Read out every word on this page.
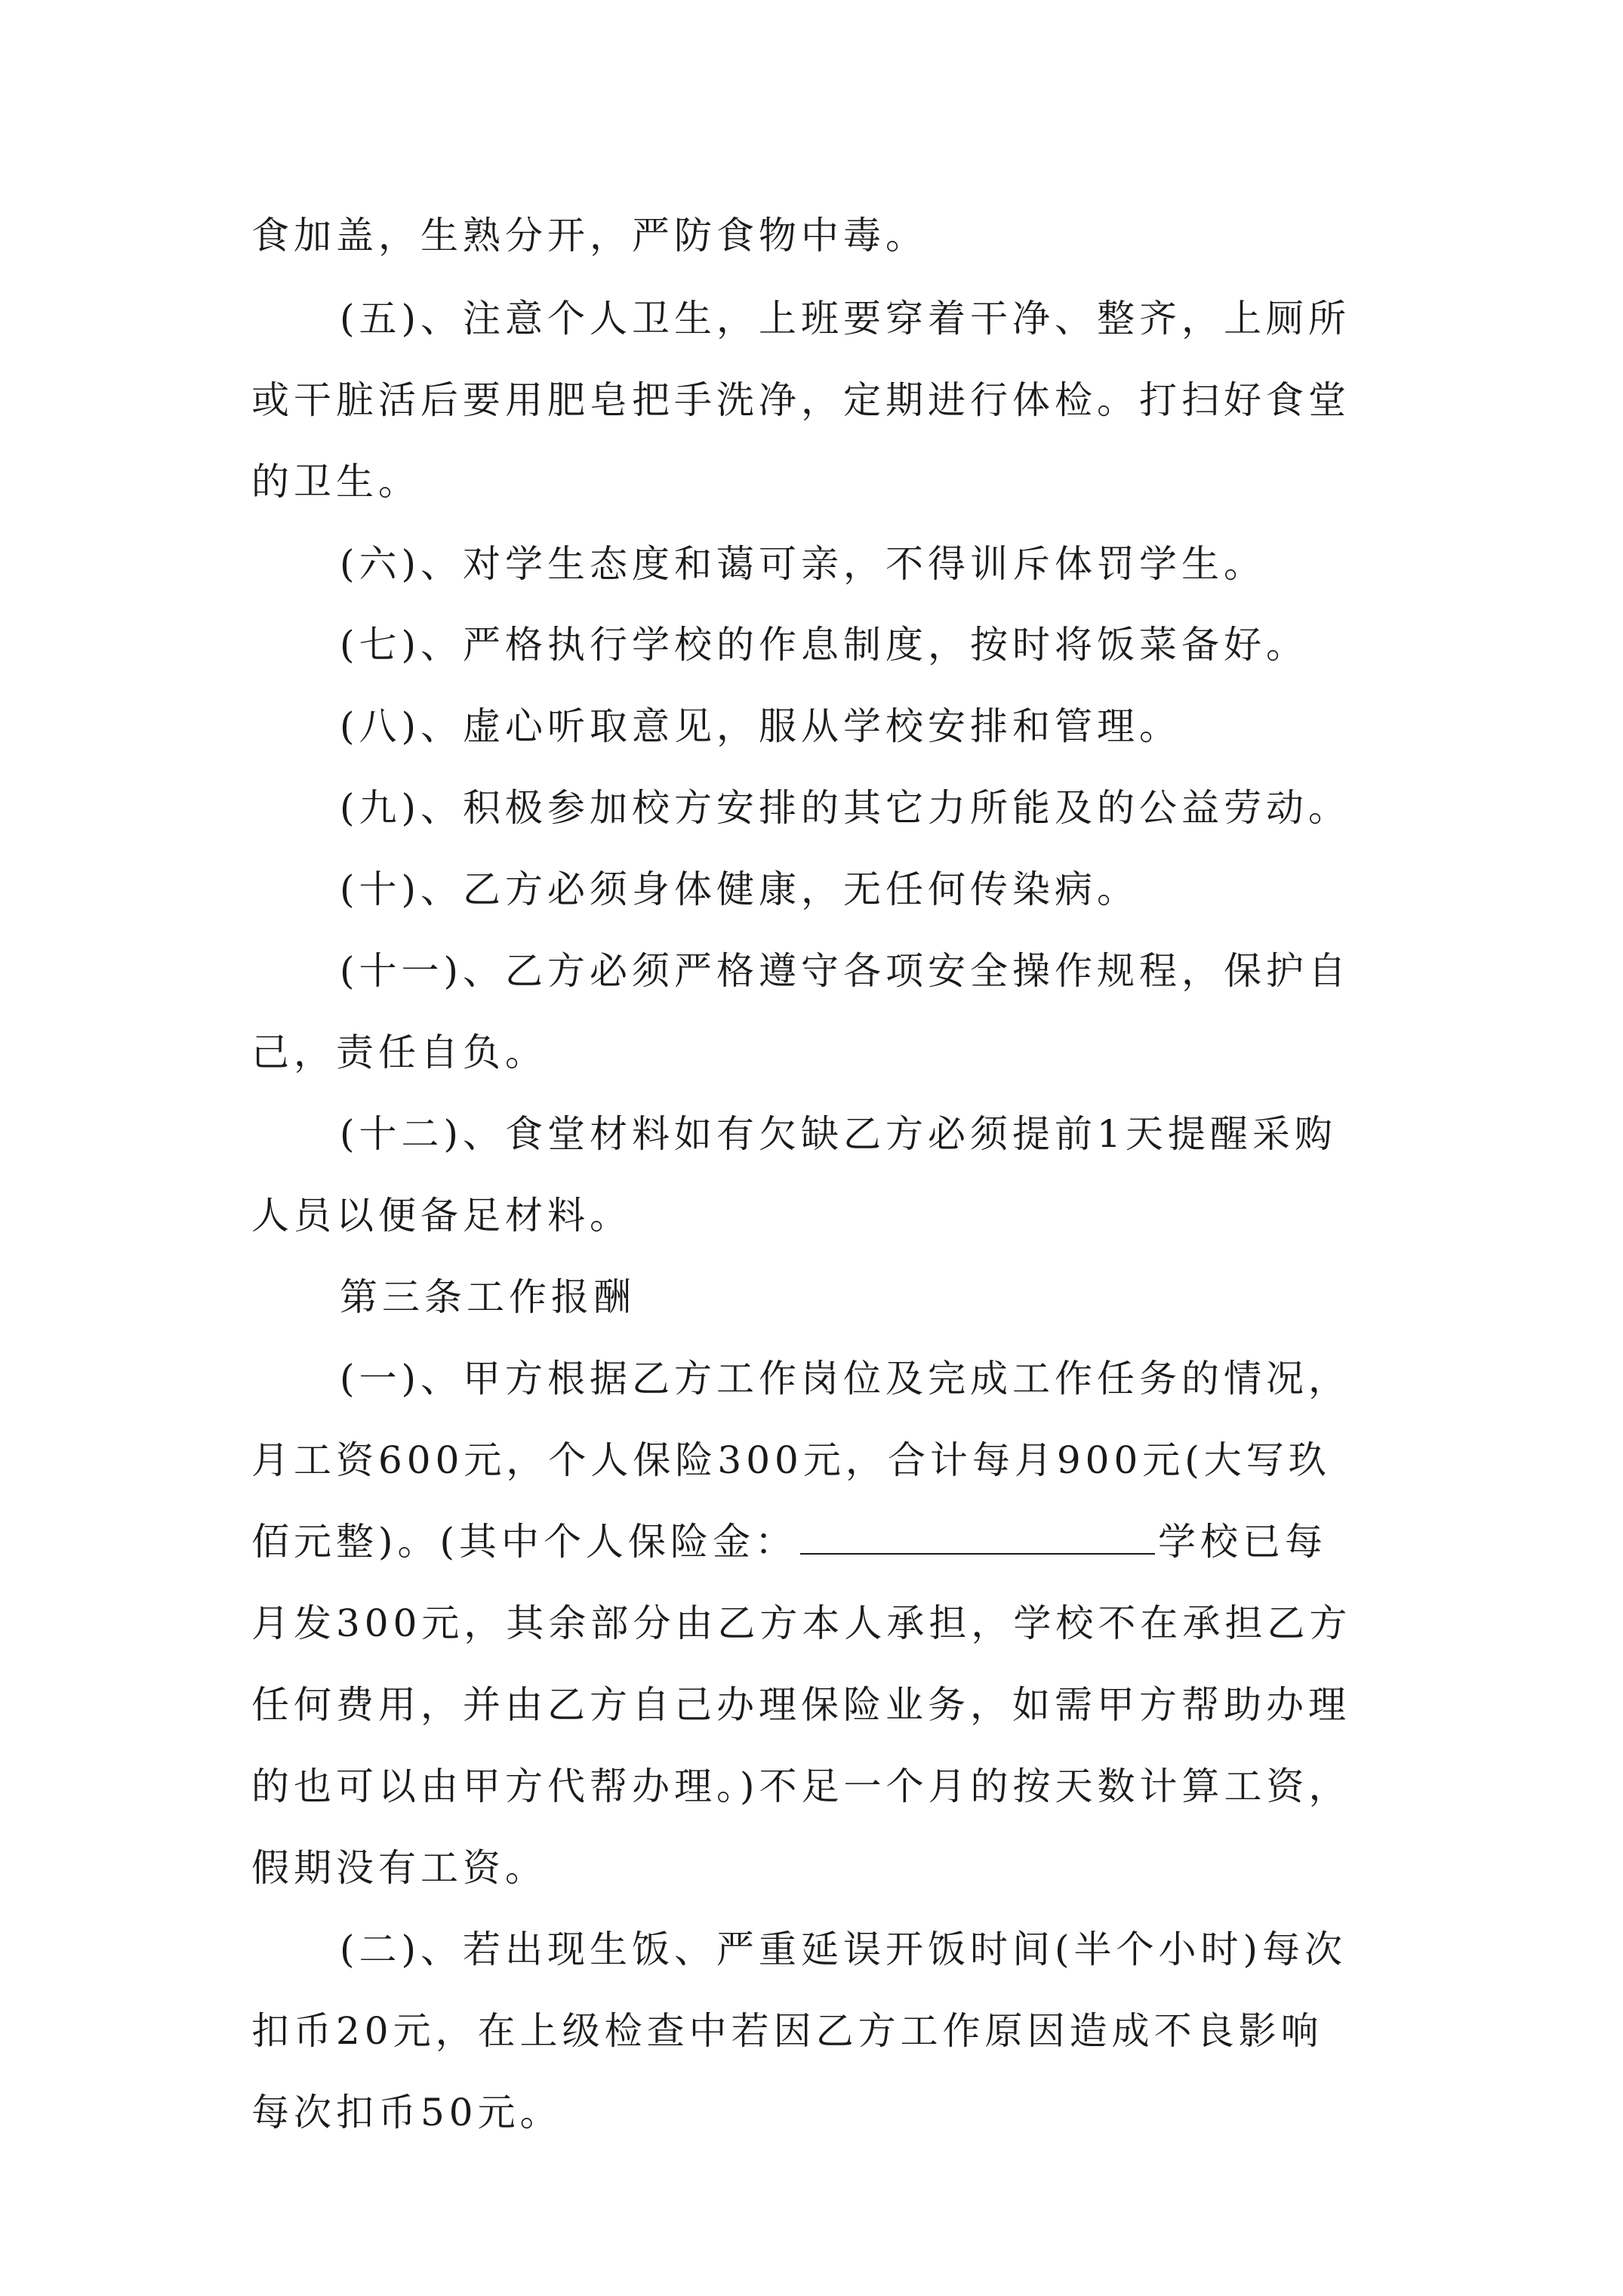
食加盖，生熟分开，严防食物中毒。
(五)、注意个人卫生，上班要穿着干净、整齐，上厕所
或干脏活后要用肥皂把手洗净，定期进行体检。打扫好食堂
的卫生。
(六)、对学生态度和蔼可亲，不得训斥体罚学生。
(七)、严格执行学校的作息制度，按时将饭菜备好。
(八)、虚心听取意见，服从学校安排和管理。
(九)、积极参加校方安排的其它力所能及的公益劳动。
(十)、乙方必须身体健康，无任何传染病。
(十一)、乙方必须严格遵守各项安全操作规程，保护自
己，责任自负。
(十二)、食堂材料如有欠缺乙方必须提前1天提醒采购
人员以便备足材料。
第三条工作报酬
(一)、甲方根据乙方工作岗位及完成工作任务的情况，
月工资600元，个人保险300元，合计每月900元(大写玖
佰元整)。(其中个人保险金：	学校已每
月发300元，其余部分由乙方本人承担，学校不在承担乙方
任何费用，并由乙方自己办理保险业务，如需甲方帮助办理
的也可以由甲方代帮办理。)不足一个月的按天数计算工资，
假期没有工资。
(二)、若出现生饭、严重延误开饭时间(半个小时)每次
扣币20元，在上级检查中若因乙方工作原因造成不良影响
每次扣币50元。
